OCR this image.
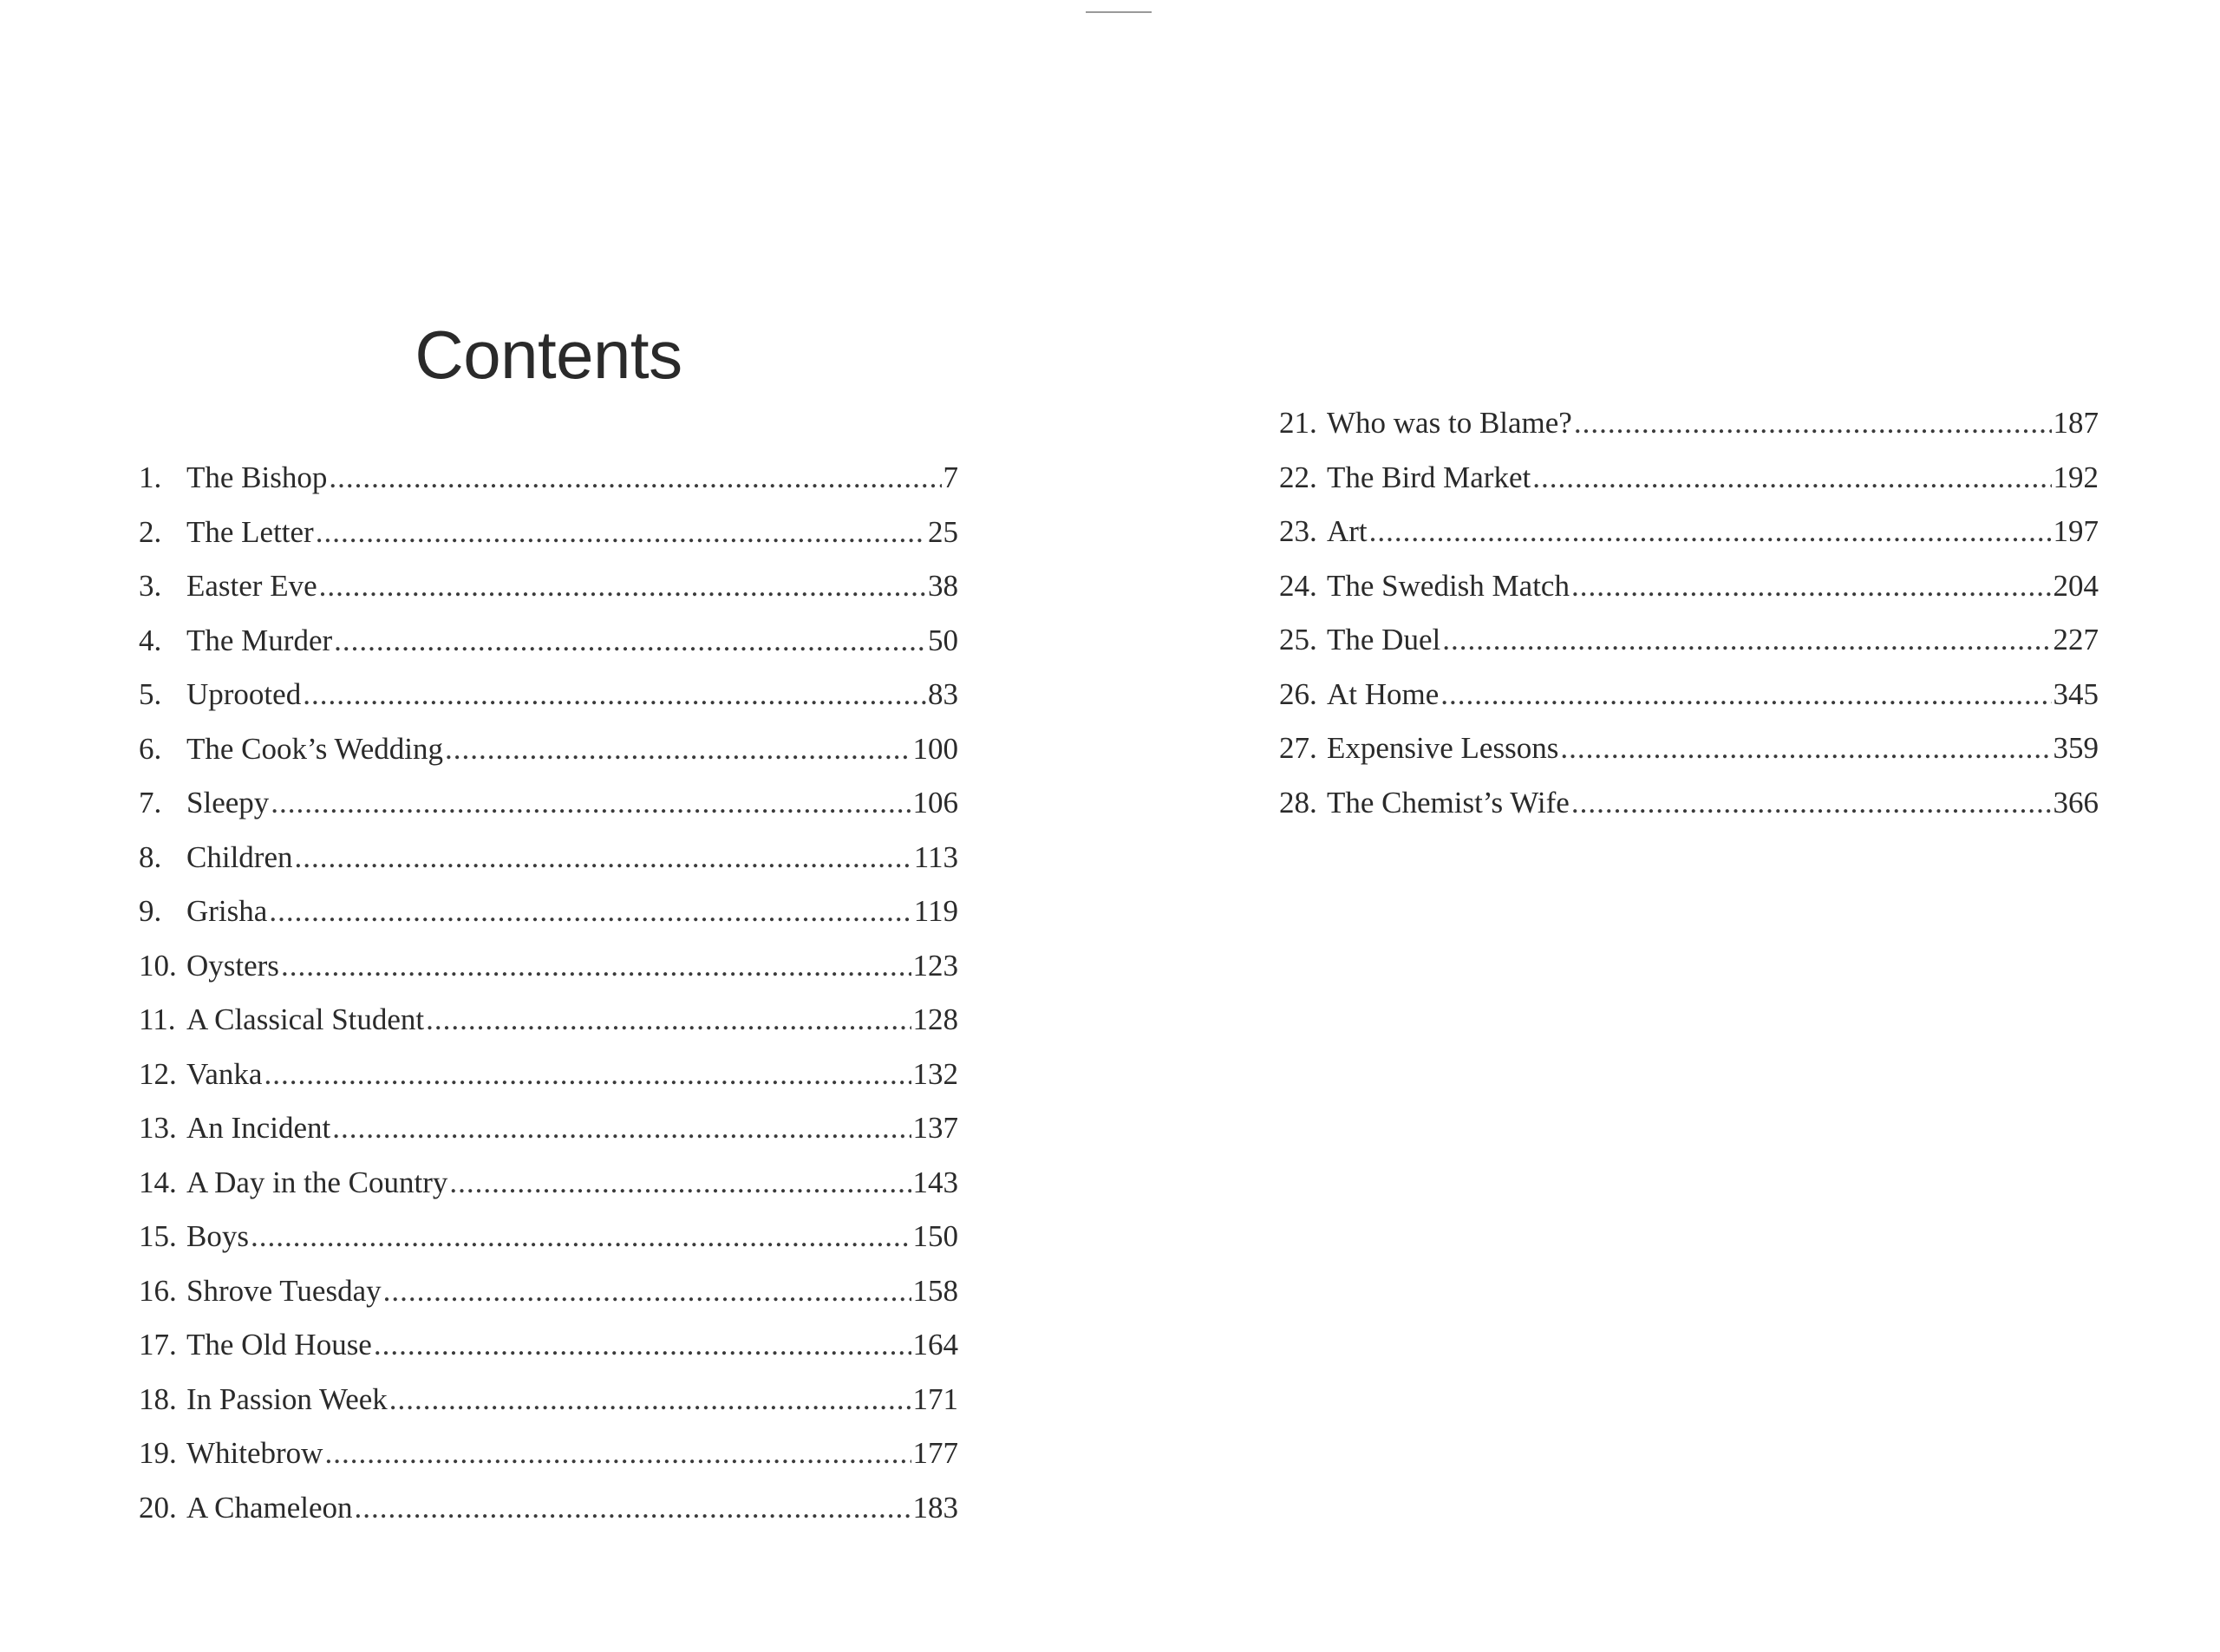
Contents
1. The Bishop .....	7
2. The Letter .....	25
3. Easter Eve .....	38
4. The Murder .....	50
5. Uprooted .....	83
6. The Cook’s Wedding .....	100
7. Sleepy .....	106
8. Children .....	113
9. Grisha .....	119
10. Oysters .....	123
11. A Classical Student .....	128
12. Vanka .....	132
13. An Incident .....	137
14. A Day in the Country .....	143
15. Boys .....	150
16. Shrove Tuesday .....	158
17. The Old House .....	164
18. In Passion Week .....	171
19. Whitebrow .....	177
20. A Chameleon .....	183
21. Who was to Blame? .....	187
22. The Bird Market .....	192
23. Art .....	197
24. The Swedish Match .....	204
25. The Duel .....	227
26. At Home .....	345
27. Expensive Lessons .....	359
28. The Chemist’s Wife .....	366
